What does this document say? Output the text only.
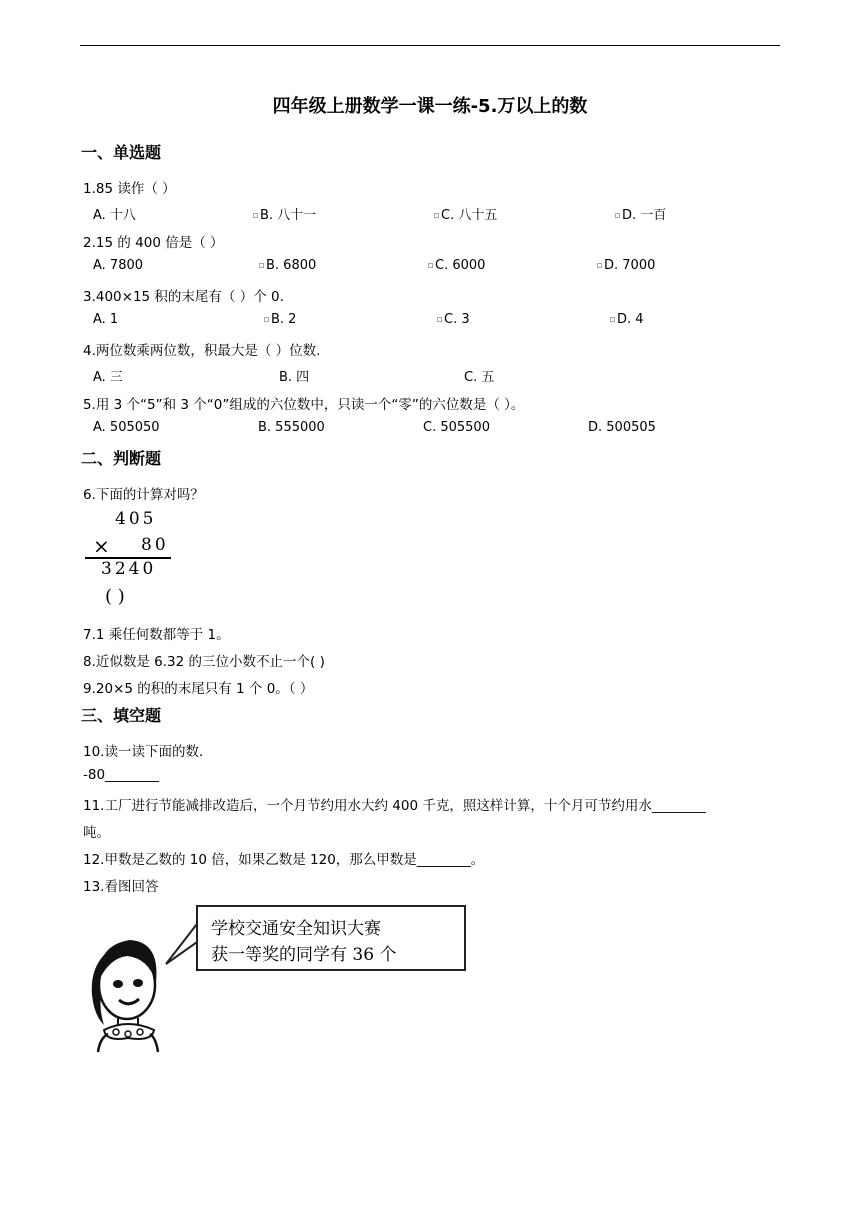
四年级上册数学一课一练-5.万以上的数
一、单选题
1.85 读作（ ）
A. 十八	B. 八十一	C. 八十五	D. 一百
2.15 的 400 倍是（ ）
A. 7800	B. 6800	C. 6000	D. 7000
3.400×15 积的末尾有（ ）个 0.
A. 1	B. 2	C. 3	D. 4
4.两位数乘两位数，积最大是（ ）位数.
A. 三	B. 四	C. 五
5.用 3 个“5”和 3 个“0”组成的六位数中，只读一个“零”的六位数是（ ）。
A. 505050	B. 555000	C. 505500	D. 500505
二、判断题
6.下面的计算对吗？
405
× 80
3240
( )
7.1 乘任何数都等于 1。
8.近似数是 6.32 的三位小数不止一个( )
9.20×5 的积的末尾只有 1 个 0。（ ）
三、填空题
10.读一读下面的数．
-80________
11.工厂进行节能减排改造后，一个月节约用水大约 400 千克，照这样计算，十个月可节约用水________
吨。
12.甲数是乙数的 10 倍，如果乙数是 120，那么甲数是________。
13.看图回答
学校交通安全知识大赛
获一等奖的同学有 36 个
